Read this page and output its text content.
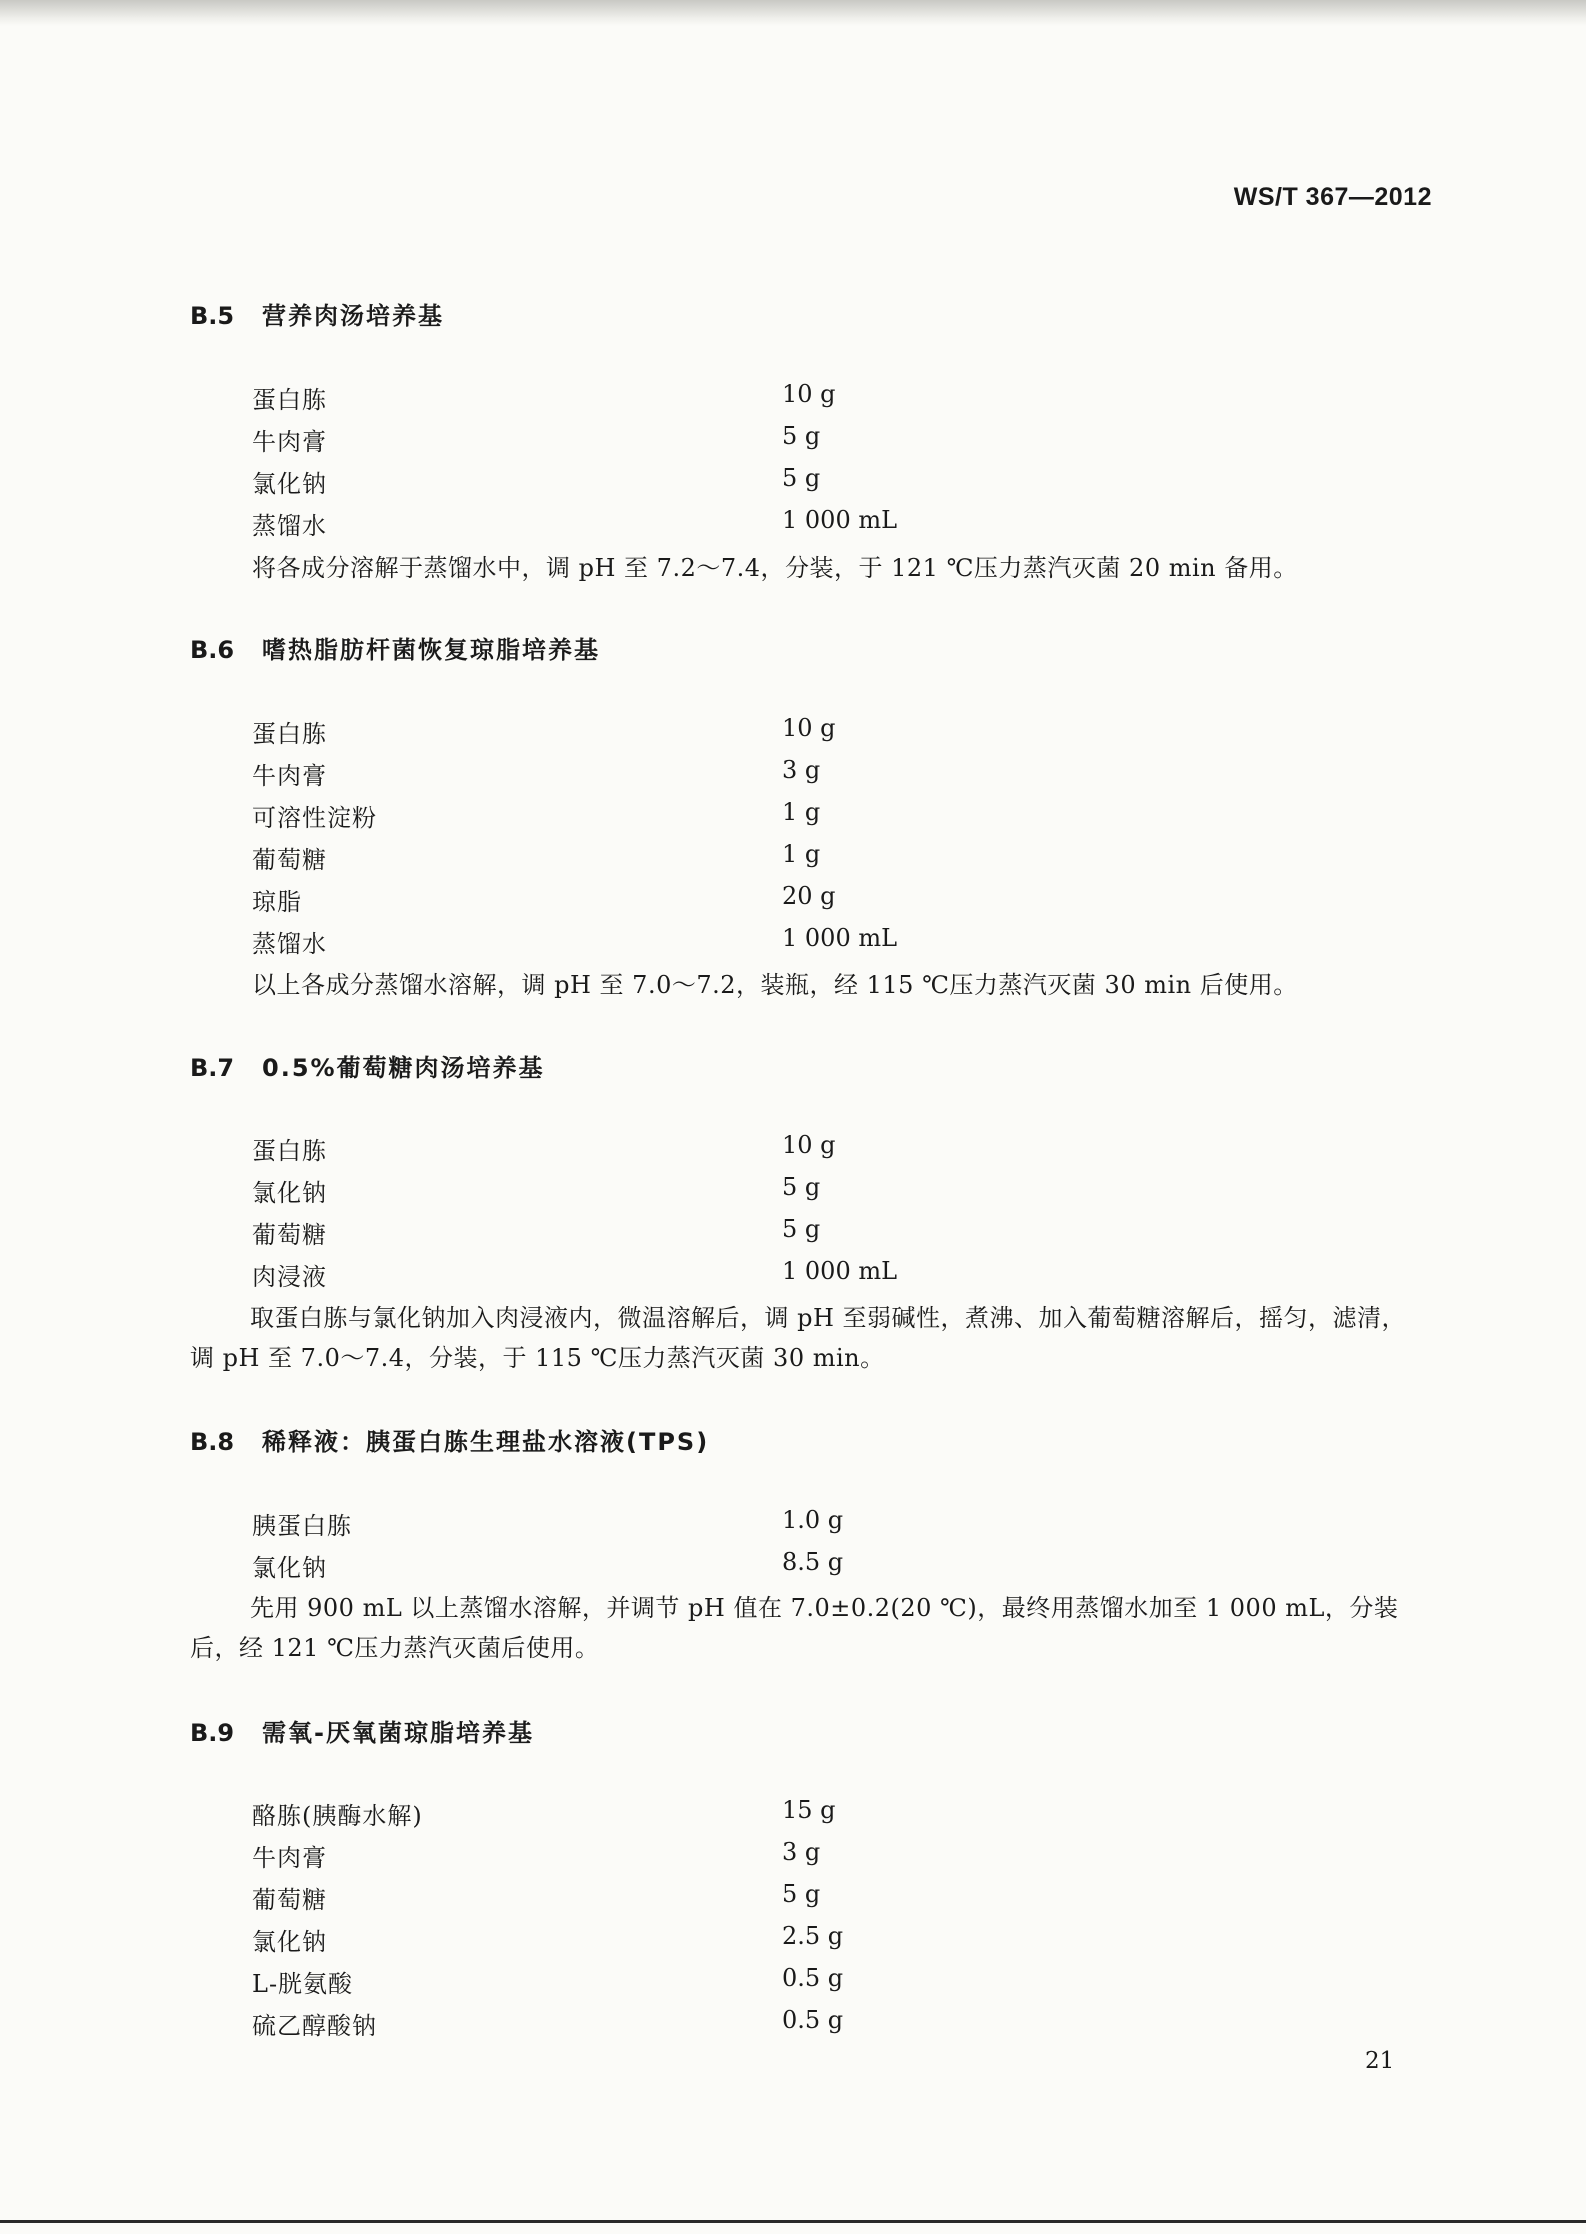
WS/T 367—2012
B.5 营养肉汤培养基
蛋白胨	10 g
牛肉膏	5 g
氯化钠	5 g
蒸馏水	1 000 mL
将各成分溶解于蒸馏水中，调 pH 至 7.2～7.4，分装，于 121 ℃压力蒸汽灭菌 20 min 备用。
B.6 嗜热脂肪杆菌恢复琼脂培养基
蛋白胨	10 g
牛肉膏	3 g
可溶性淀粉	1 g
葡萄糖	1 g
琼脂	20 g
蒸馏水	1 000 mL
以上各成分蒸馏水溶解，调 pH 至 7.0～7.2，装瓶，经 115 ℃压力蒸汽灭菌 30 min 后使用。
B.7 0.5%葡萄糖肉汤培养基
蛋白胨	10 g
氯化钠	5 g
葡萄糖	5 g
肉浸液	1 000 mL
取蛋白胨与氯化钠加入肉浸液内，微温溶解后，调 pH 至弱碱性，煮沸、加入葡萄糖溶解后，摇匀，滤清，调 pH 至 7.0～7.4，分装，于 115 ℃压力蒸汽灭菌 30 min。
B.8 稀释液：胰蛋白胨生理盐水溶液(TPS)
胰蛋白胨	1.0 g
氯化钠	8.5 g
先用 900 mL 以上蒸馏水溶解，并调节 pH 值在 7.0±0.2(20 ℃)，最终用蒸馏水加至 1 000 mL，分装后，经 121 ℃压力蒸汽灭菌后使用。
B.9 需氧-厌氧菌琼脂培养基
酪胨(胰酶水解)	15 g
牛肉膏	3 g
葡萄糖	5 g
氯化钠	2.5 g
L-胱氨酸	0.5 g
硫乙醇酸钠	0.5 g
21
